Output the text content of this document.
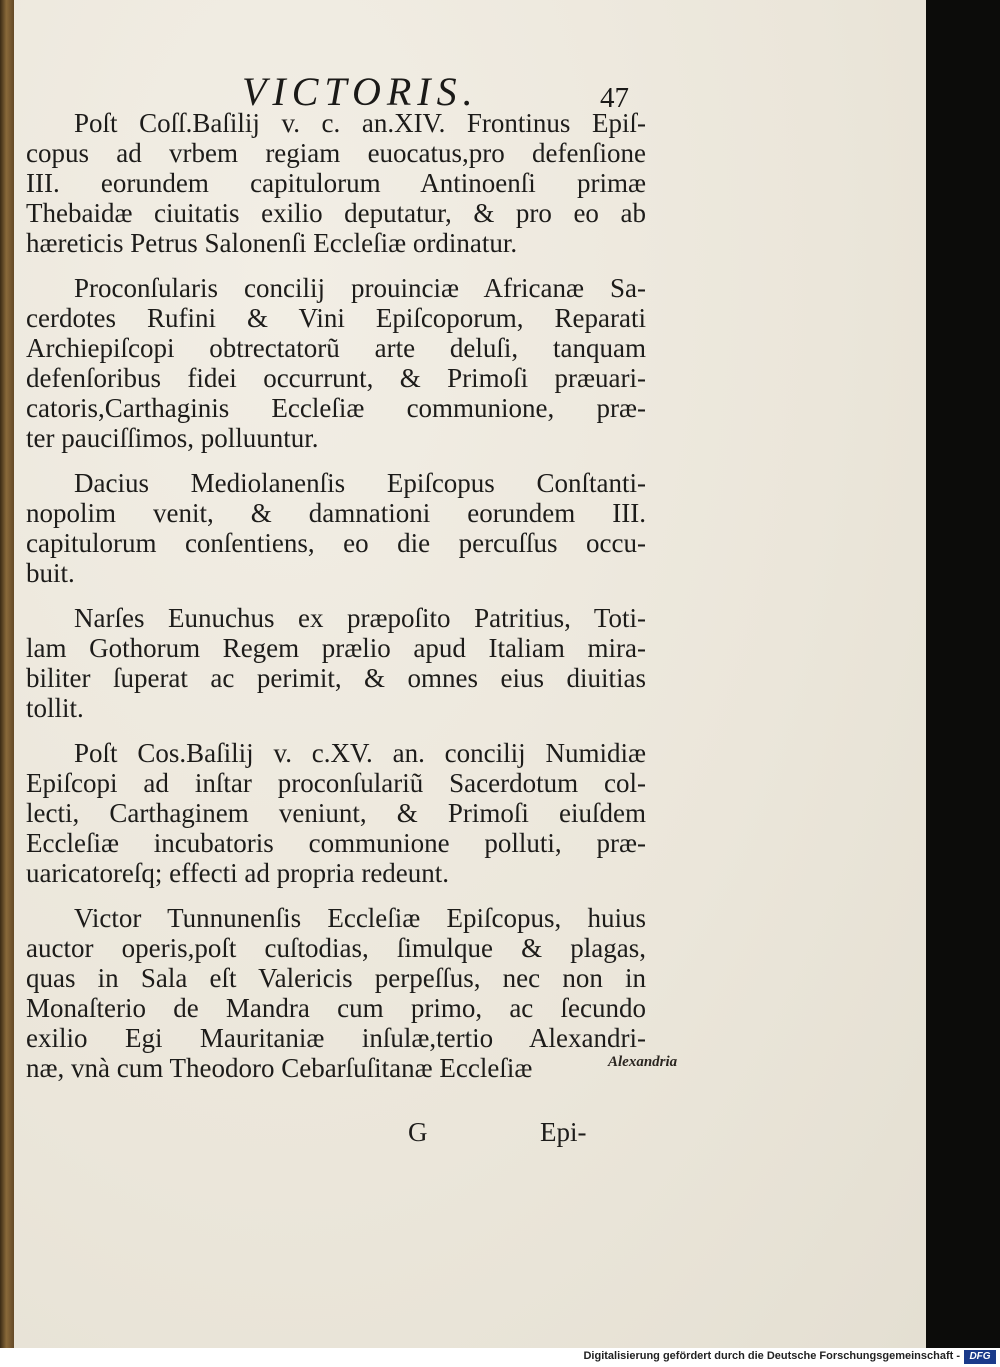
VICTORIS.	47
Poſt Coſſ.Baſilij v. c. an.XIV. Frontinus Epiſ-
copus ad vrbem regiam euocatus,pro defenſione
III. eorundem capitulorum Antinoenſi primæ
Thebaidæ ciuitatis exilio deputatur, & pro eo ab
hæreticis Petrus Salonenſi Eccleſiæ ordinatur.
Proconſularis concilij prouinciæ Africanæ Sa-
cerdotes Rufini & Vini Epiſcoporum, Reparati
Archiepiſcopi obtrectatorũ arte deluſi, tanquam
defenſoribus fidei occurrunt, & Primoſi præuari-
catoris,Carthaginis Eccleſiæ communione, præ-
ter pauciſſimos, polluuntur.
Dacius Mediolanenſis Epiſcopus Conſtanti-
nopolim venit, & damnationi eorundem III.
capitulorum conſentiens, eo die percuſſus occu-
buit.
Narſes Eunuchus ex præpoſito Patritius, Toti-
lam Gothorum Regem prælio apud Italiam mira-
biliter ſuperat ac perimit, & omnes eius diuitias
tollit.
Poſt Cos.Baſilij v. c.XV. an. concilij Numidiæ
Epiſcopi ad inſtar proconſulariũ Sacerdotum col-
lecti, Carthaginem veniunt, & Primoſi eiuſdem
Eccleſiæ incubatoris communione polluti, præ-
uaricatoreſq; effecti ad propria redeunt.
Victor Tunnunenſis Eccleſiæ Epiſcopus, huius
auctor operis,poſt cuſtodias, ſimulque & plagas,
quas in Sala eſt Valericis perpeſſus, nec non in
Monaſterio de Mandra cum primo, ac ſecundo
exilio Egi Mauritaniæ inſulæ,tertio Alexandri-
næ, vnà cum Theodoro Cebarſuſitanæ Eccleſiæ
G	Epi-
Alexandria
Digitalisierung gefördert durch die Deutsche Forschungsgemeinschaft - DFG
